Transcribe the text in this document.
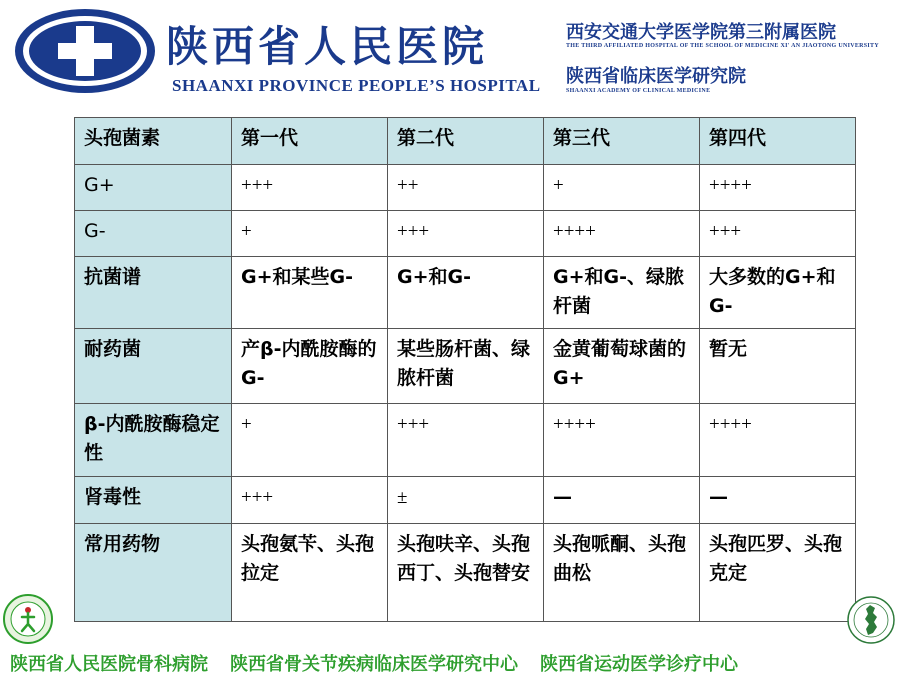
陕西省人民医院
SHAANXI PROVINCE PEOPLE’S HOSPITAL
西安交通大学医学院第三附属医院
THE THIRD AFFILIATED HOSPITAL OF THE SCHOOL OF MEDICINE XI' AN JIAOTONG UNIVERSITY
陕西省临床医学研究院
SHAANXI ACADEMY OF CLINICAL MEDICINE
头孢菌素	第一代	第二代	第三代	第四代
G+	+++	++	+	++++
G-	+	+++	++++	+++
抗菌谱	G+和某些G-	G+和G-	G+和G-、绿脓杆菌	大多数的G+和G-
耐药菌	产β-内酰胺酶的G-	某些肠杆菌、绿脓杆菌	金黄葡萄球菌的G+	暂无
β-内酰胺酶稳定性	+	+++	++++	++++
肾毒性	+++	±	—	—
常用药物	头孢氨苄、头孢拉定	头孢呋辛、头孢西丁、头孢替安	头孢哌酮、头孢曲松	头孢匹罗、头孢克定
陕西省人民医院骨科病院 陕西省骨关节疾病临床医学研究中心 陕西省运动医学诊疗中心
